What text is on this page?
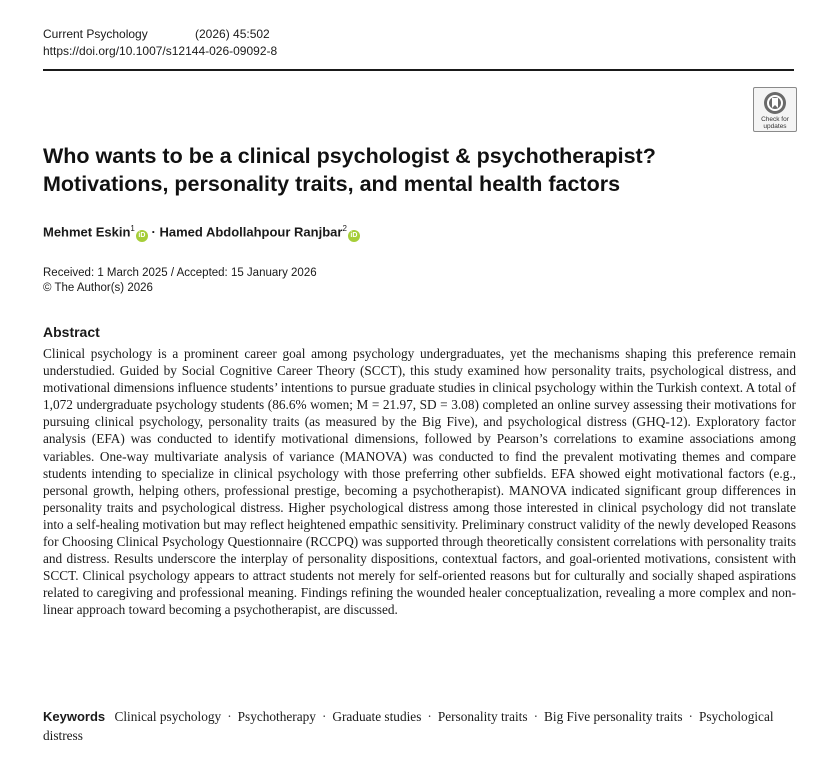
Current Psychology	(2026) 45:502
https://doi.org/10.1007/s12144-026-09092-8
Check for
updates
Who wants to be a clinical psychologist & psychotherapist?
Motivations, personality traits, and mental health factors
Mehmet Eskin$^1$iD · Hamed Abdollahpour Ranjbar$^2$iD
Received: 1 March 2025 / Accepted: 15 January 2026
© The Author(s) 2026
Abstract

Clinical psychology is a prominent career goal among psychology undergraduates, yet the mechanisms shaping this preference remain understudied. Guided by Social Cognitive Career Theory (SCCT), this study examined how personality traits, psychological distress, and motivational dimensions influence students’ intentions to pursue graduate studies in clinical psychology within the Turkish context. A total of 1,072 undergraduate psychology students (86.6% women; M = 21.97, SD = 3.08) completed an online survey assessing their motivations for pursuing clinical psychology, personality traits (as measured by the Big Five), and psychological distress (GHQ-12). Exploratory factor analysis (EFA) was conducted to identify motivational dimensions, followed by Pearson’s correlations to examine associations among variables. One-way multivariate analysis of variance (MANOVA) was conducted to find the prevalent motivating themes and compare students intending to specialize in clinical psychology with those preferring other subfields. EFA showed eight motivational factors (e.g., personal growth, helping others, professional prestige, becoming a psychotherapist). MANOVA indicated significant group differences in personality traits and psychological distress. Higher psychological distress among those interested in clinical psychology did not translate into a self-healing motivation but may reflect heightened empathic sensitivity. Preliminary construct validity of the newly developed Reasons for Choosing Clinical Psychology Questionnaire (RCCPQ) was supported through theoretically consistent correlations with personality traits and distress. Results underscore the interplay of personality dispositions, contextual factors, and goal-oriented motivations, consistent with SCCT. Clinical psychology appears to attract students not merely for self-oriented reasons but for culturally and socially shaped aspirations related to caregiving and professional meaning. Findings refining the wounded healer conceptualization, revealing a more complex and non-linear approach toward becoming a psychotherapist, are discussed.

Keywords Clinical psychology · Psychotherapy · Graduate studies · Personality traits · Big Five personality traits · Psychological distress
